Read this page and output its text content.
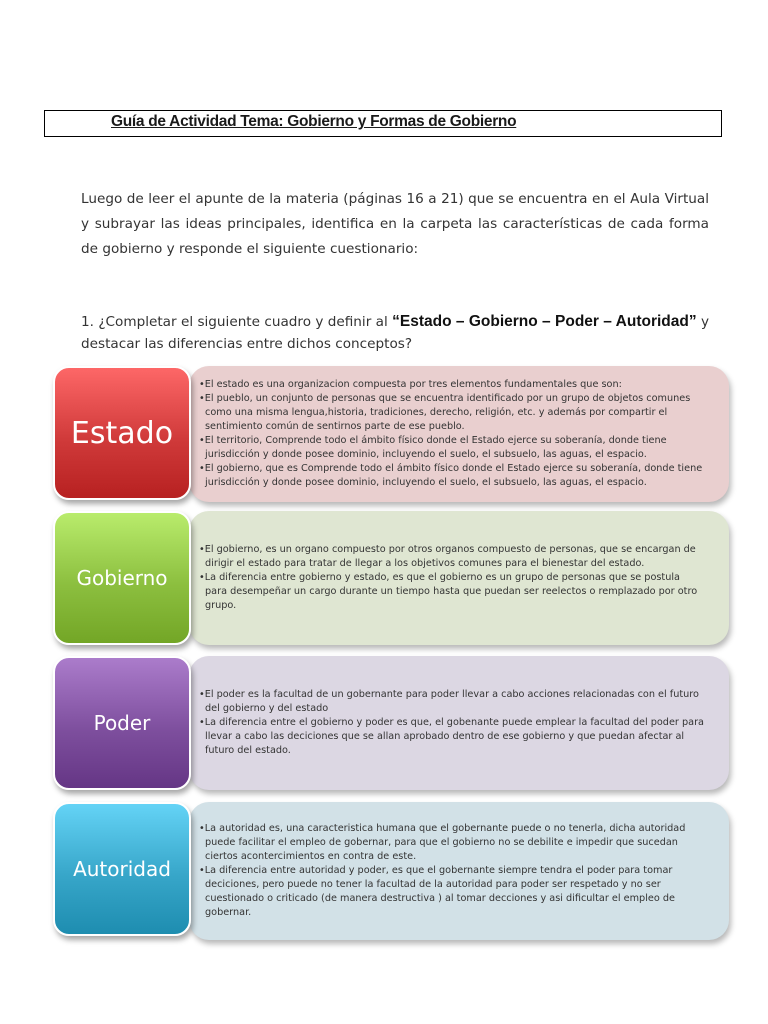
Guía de Actividad Tema: Gobierno y Formas de Gobierno
Luego de leer el apunte de la materia (páginas 16 a 21) que se encuentra en el Aula Virtual y subrayar las ideas principales, identifica en la carpeta las características de cada forma de gobierno y responde el siguiente cuestionario:
1. ¿Completar el siguiente cuadro y definir al “Estado – Gobierno – Poder – Autoridad” y destacar las diferencias entre dichos conceptos?
• El estado es una organizacion compuesta por tres elementos fundamentales que son:
• El pueblo, un conjunto de personas que se encuentra identificado por un grupo de objetos comunes como una misma lengua,historia, tradiciones, derecho, religión, etc. y además por compartir el sentimiento común de sentirnos parte de ese pueblo.
• El territorio, Comprende todo el ámbito físico donde el Estado ejerce su soberanía, donde tiene jurisdicción y donde posee dominio, incluyendo el suelo, el subsuelo, las aguas, el espacio.
• El gobierno, que es Comprende todo el ámbito físico donde el Estado ejerce su soberanía, donde tiene jurisdicción y donde posee dominio, incluyendo el suelo, el subsuelo, las aguas, el espacio.
Estado
• El gobierno, es un organo compuesto por otros organos compuesto de personas, que se encargan de dirigir el estado para tratar de llegar a los objetivos comunes para el bienestar del estado.
• La diferencia entre gobierno y estado, es que el gobierno es un grupo de personas que se postula para desempeñar un cargo durante un tiempo hasta que puedan ser reelectos o remplazado por otro grupo.
Gobierno
• El poder es la facultad de un gobernante para poder llevar a cabo acciones relacionadas con el futuro del gobierno y del estado
• La diferencia entre el gobierno y poder es que, el gobenante puede emplear la facultad del poder para llevar a cabo las deciciones que se allan aprobado dentro de ese gobierno y que puedan afectar al futuro del estado.
Poder
• La autoridad es, una caracteristica humana que el gobernante puede o no tenerla, dicha autoridad puede facilitar el empleo de gobernar, para que el gobierno no se debilite e impedir que sucedan ciertos acontercimientos en contra de este.
• La diferencia entre autoridad y poder, es que el gobernante siempre tendra el poder para tomar deciciones, pero puede no tener la facultad de la autoridad para poder ser respetado y no ser cuestionado o criticado (de manera destructiva ) al tomar decciones y asi dificultar el empleo de gobernar.
Autoridad
